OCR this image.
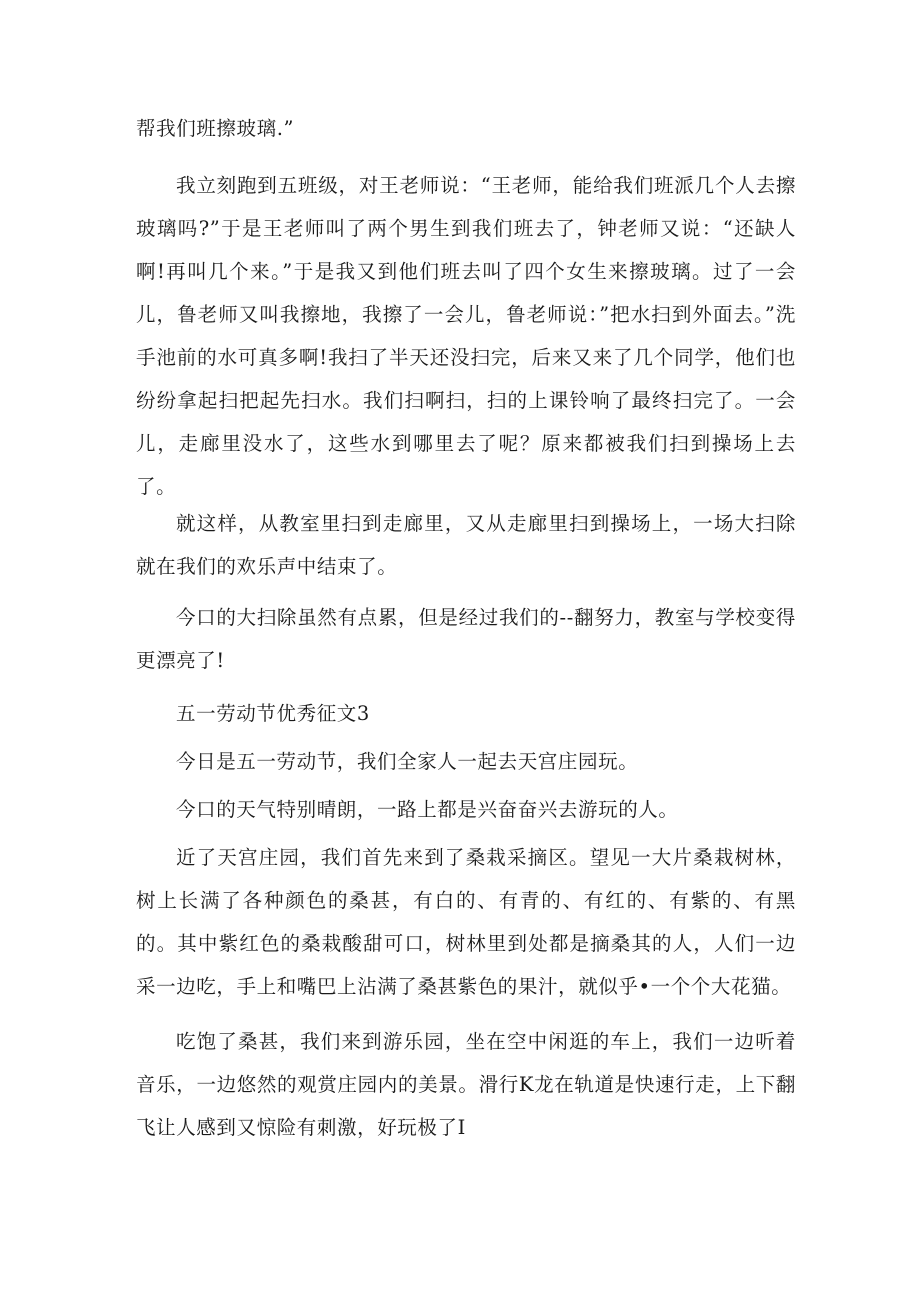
帮我们班擦玻璃.”

我立刻跑到五班级，对王老师说：“王老师，能给我们班派几个人去擦玻璃吗?”于是王老师叫了两个男生到我们班去了，钟老师又说：“还缺人啊!再叫几个来。”于是我又到他们班去叫了四个女生来擦玻璃。过了一会儿，鲁老师又叫我擦地，我擦了一会儿，鲁老师说：”把水扫到外面去。”洗手池前的水可真多啊!我扫了半天还没扫完，后来又来了几个同学，他们也纷纷拿起扫把起先扫水。我们扫啊扫，扫的上课铃响了最终扫完了。一会儿，走廊里没水了，这些水到哪里去了呢？原来都被我们扫到操场上去了。

就这样，从教室里扫到走廊里，又从走廊里扫到操场上，一场大扫除就在我们的欢乐声中结束了。

今口的大扫除虽然有点累，但是经过我们的--翻努力，教室与学校变得更漂亮了!

五一劳动节优秀征文3

今日是五一劳动节，我们全家人一起去天宫庄园玩。

今口的天气特别晴朗，一路上都是兴奋奋兴去游玩的人。

近了天宫庄园，我们首先来到了桑栽采摘区。望见一大片桑栽树林，树上长满了各种颜色的桑甚，有白的、有青的、有红的、有紫的、有黑的。其中紫红色的桑栽酸甜可口，树林里到处都是摘桑其的人，人们一边采一边吃，手上和嘴巴上沾满了桑甚紫色的果汁，就似乎•一个个大花猫。

吃饱了桑甚，我们来到游乐园，坐在空中闲逛的车上，我们一边听着音乐，一边悠然的观赏庄园内的美景。滑行K龙在轨道是快速行走，上下翻飞让人感到又惊险有刺激，好玩极了I
